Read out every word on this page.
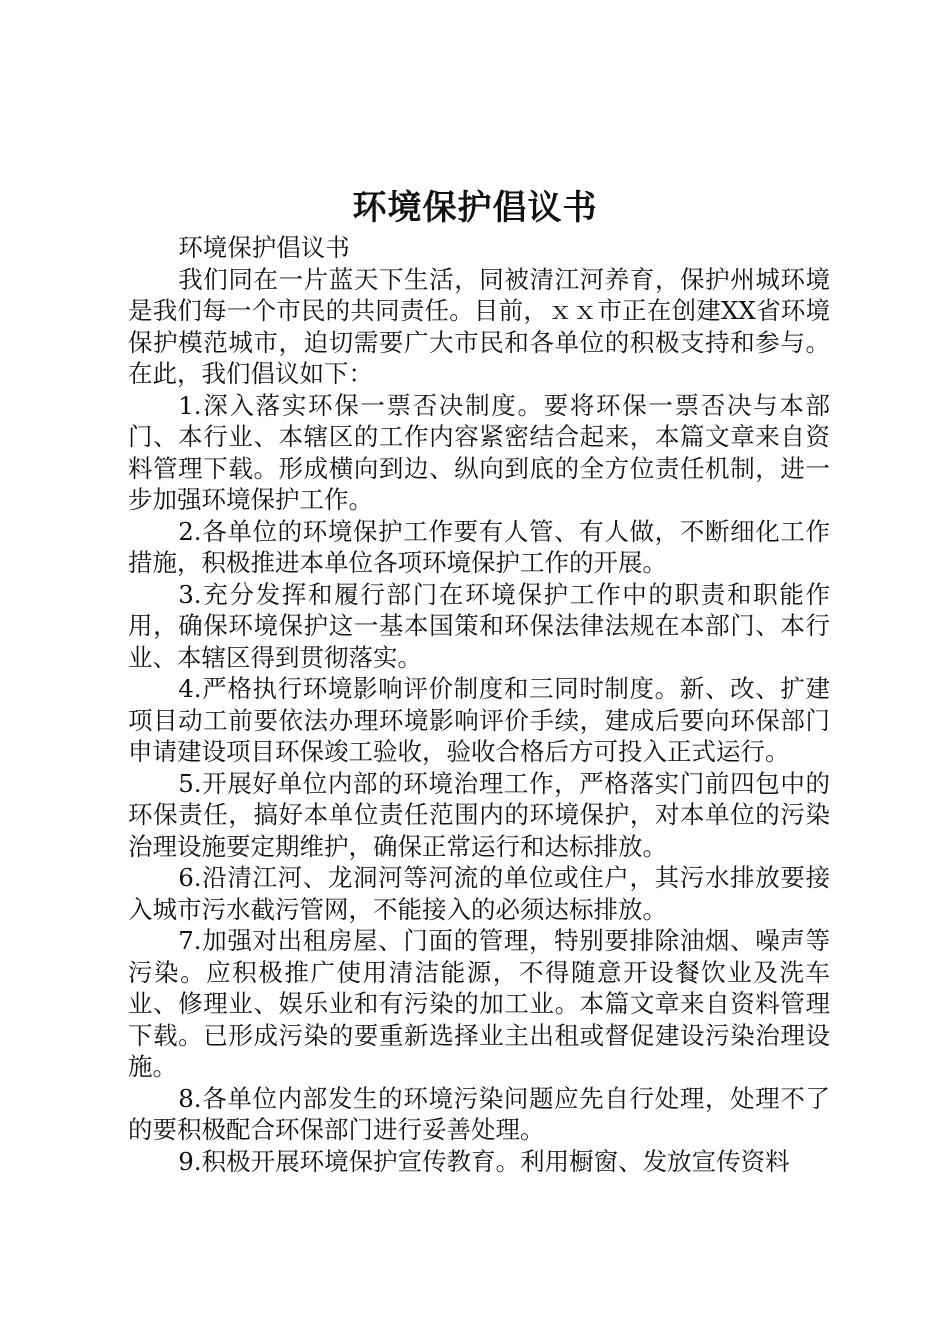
环境保护倡议书

环境保护倡议书

我们同在一片蓝天下生活，同被清江河养育，保护州城环境是我们每一个市民的共同责任。目前，ｘｘ市正在创建XX省环境保护模范城市，迫切需要广大市民和各单位的积极支持和参与。在此，我们倡议如下：

1.深入落实环保一票否决制度。要将环保一票否决与本部门、本行业、本辖区的工作内容紧密结合起来，本篇文章来自资料管理下载。形成横向到边、纵向到底的全方位责任机制，进一步加强环境保护工作。

2.各单位的环境保护工作要有人管、有人做，不断细化工作措施，积极推进本单位各项环境保护工作的开展。

3.充分发挥和履行部门在环境保护工作中的职责和职能作用，确保环境保护这一基本国策和环保法律法规在本部门、本行业、本辖区得到贯彻落实。

4.严格执行环境影响评价制度和三同时制度。新、改、扩建项目动工前要依法办理环境影响评价手续，建成后要向环保部门申请建设项目环保竣工验收，验收合格后方可投入正式运行。

5.开展好单位内部的环境治理工作，严格落实门前四包中的环保责任，搞好本单位责任范围内的环境保护，对本单位的污染治理设施要定期维护，确保正常运行和达标排放。

6.沿清江河、龙洞河等河流的单位或住户，其污水排放要接入城市污水截污管网，不能接入的必须达标排放。

7.加强对出租房屋、门面的管理，特别要排除油烟、噪声等污染。应积极推广使用清洁能源，不得随意开设餐饮业及洗车业、修理业、娱乐业和有污染的加工业。本篇文章来自资料管理下载。已形成污染的要重新选择业主出租或督促建设污染治理设施。

8.各单位内部发生的环境污染问题应先自行处理，处理不了的要积极配合环保部门进行妥善处理。

9.积极开展环境保护宣传教育。利用橱窗、发放宣传资料
